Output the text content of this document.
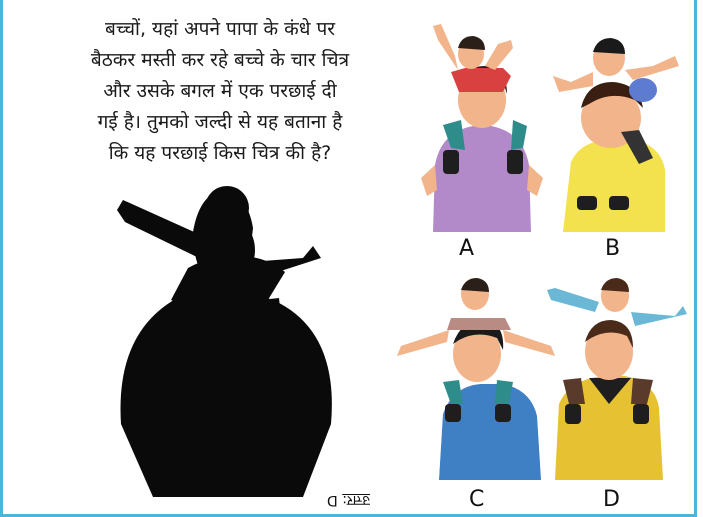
बच्चों, यहां अपने पापा के कंधे पर
बैठकर मस्ती कर रहे बच्चे के चार चित्र
और उसके बगल में एक परछाई दी
गई है। तुमको जल्दी से यह बताना है
कि यह परछाई किस चित्र की है?

A	B
C	D
उत्तर: D
